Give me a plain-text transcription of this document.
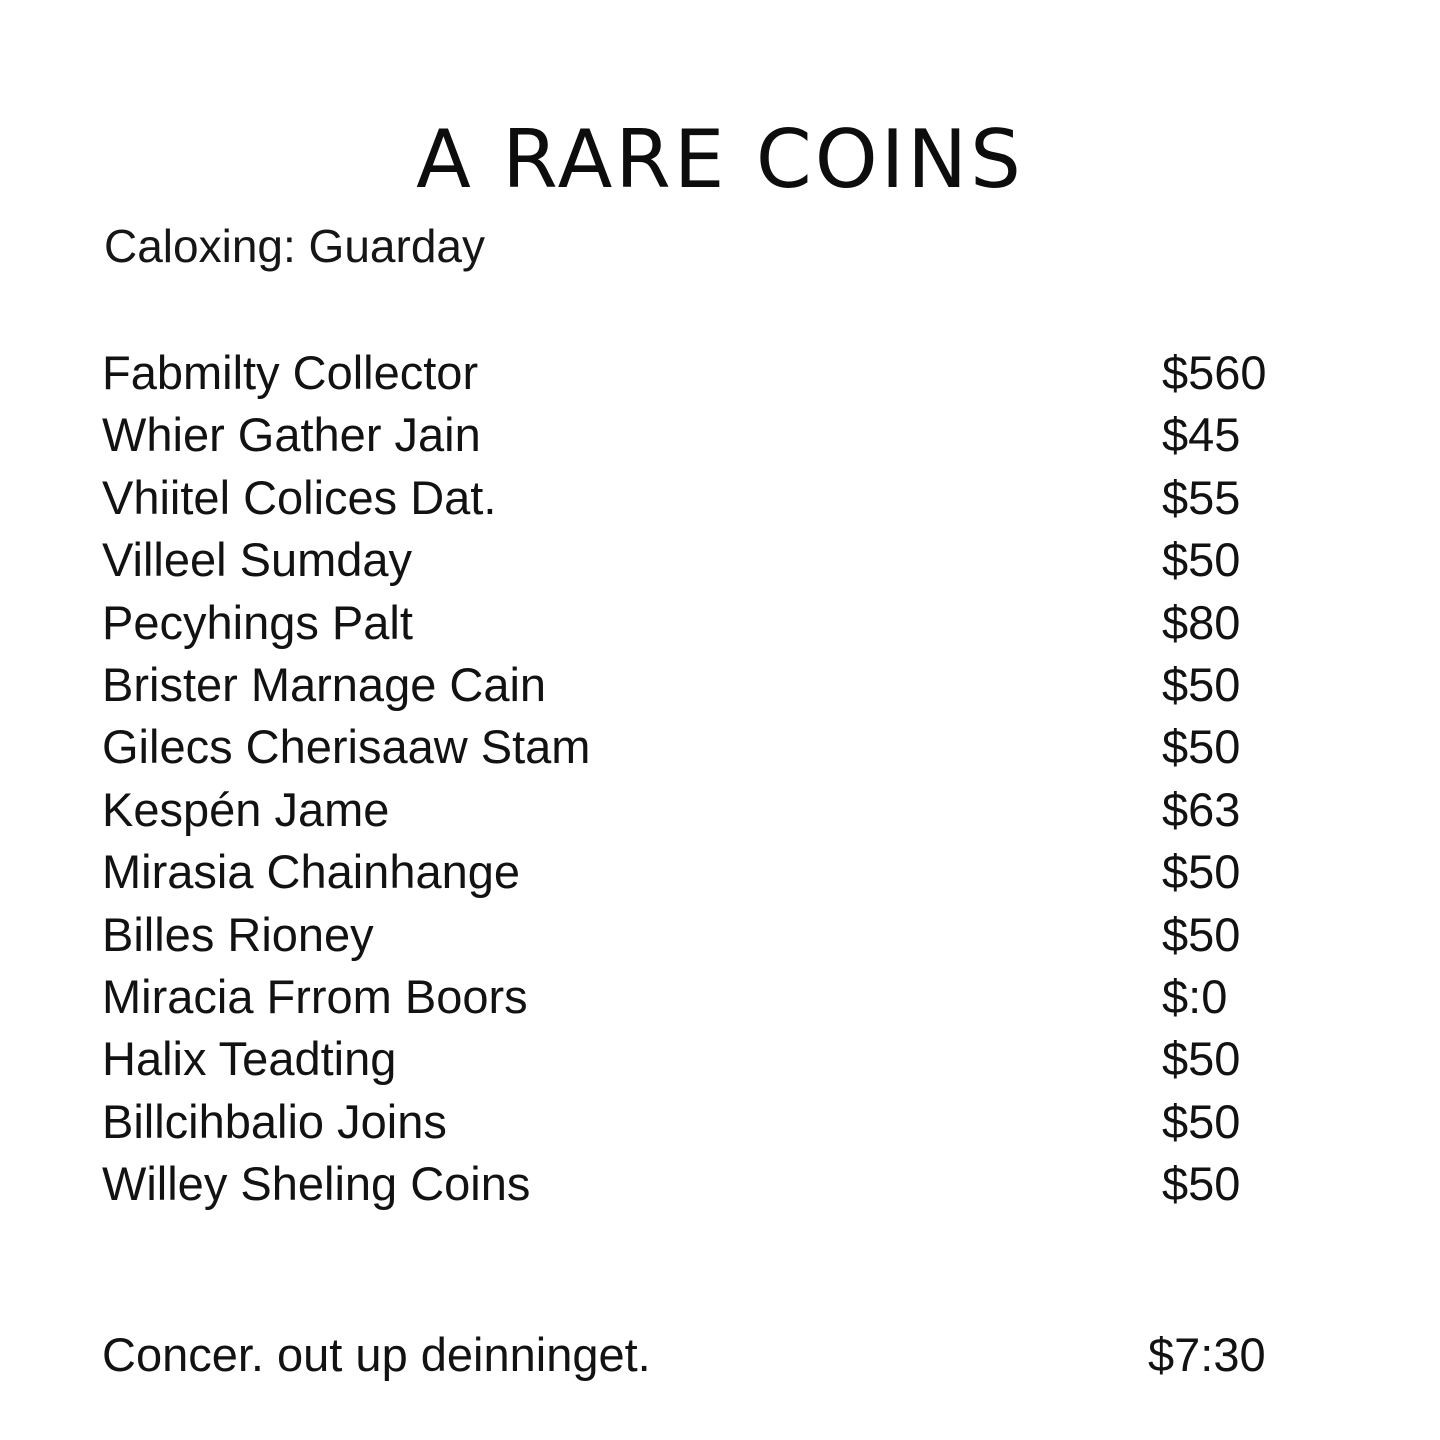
A RARE COINS
Caloxing: Guarday
Fabmilty Collector	$560
Whier Gather Jain	$45
Vhiitel Colices Dat.	$55
Villeel Sumday	$50
Pecyhings Palt	$80
Brister Marnage Cain	$50
Gilecs Cherisaaw Stam	$50
Kespén Jame	$63
Mirasia Chainhange	$50
Billes Rioney	$50
Miracia Frrom Boors	$:0
Halix Teadting	$50
Billcihbalio Joins	$50
Willey Sheling Coins	$50
Concer. out up deinninget.	$7:30
